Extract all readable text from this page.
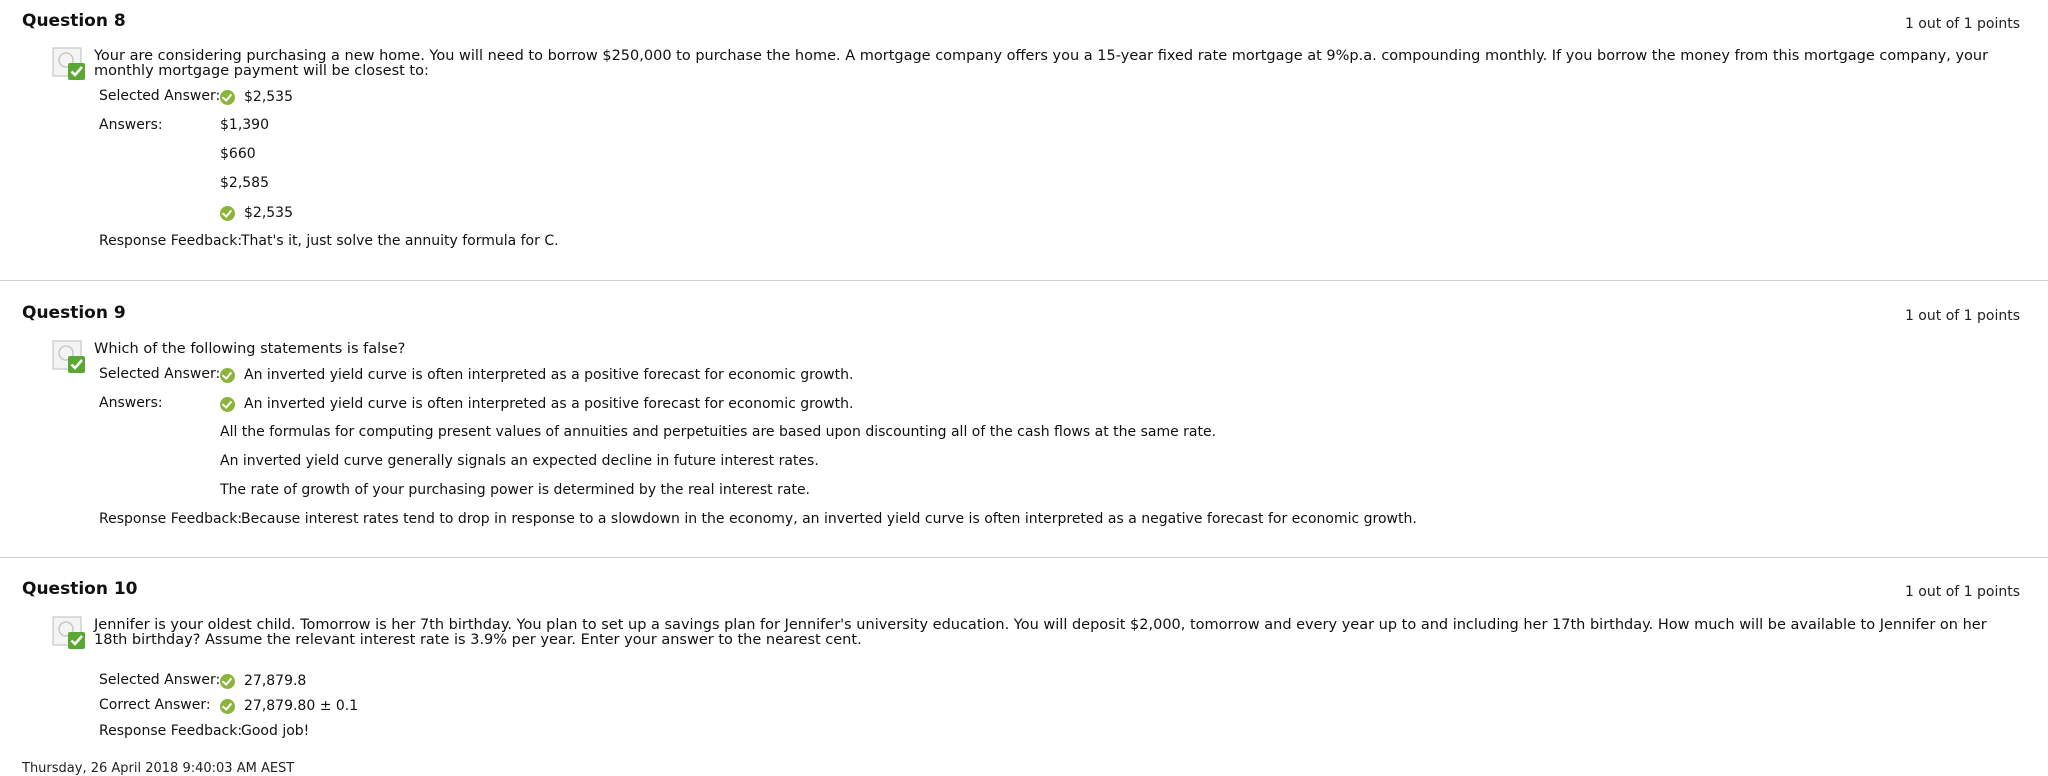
Question 8	1 out of 1 points
Your are considering purchasing a new home. You will need to borrow $250,000 to purchase the home. A mortgage company offers you a 15-year fixed rate mortgage at 9%p.a. compounding monthly. If you borrow the money from this mortgage company, your monthly mortgage payment will be closest to:
Selected Answer: $2,535
Answers:	$1,390
$660
$2,585
$2,535
Response Feedback:
That's it, just solve the annuity formula for C.
Question 9	1 out of 1 points
Which of the following statements is false?
Selected Answer: An inverted yield curve is often interpreted as a positive forecast for economic growth.
Answers:	An inverted yield curve is often interpreted as a positive forecast for economic growth.
All the formulas for computing present values of annuities and perpetuities are based upon discounting all of the cash flows at the same rate.
An inverted yield curve generally signals an expected decline in future interest rates.
The rate of growth of your purchasing power is determined by the real interest rate.
Response Feedback:
Because interest rates tend to drop in response to a slowdown in the economy, an inverted yield curve is often interpreted as a negative forecast for economic growth.
Question 10	1 out of 1 points
Jennifer is your oldest child. Tomorrow is her 7th birthday. You plan to set up a savings plan for Jennifer's university education. You will deposit $2,000, tomorrow and every year up to and including her 17th birthday. How much will be available to Jennifer on her 18th birthday? Assume the relevant interest rate is 3.9% per year. Enter your answer to the nearest cent.
Selected Answer: 27,879.8
Correct Answer: 27,879.80 ± 0.1
Response Feedback:
Good job!
Thursday, 26 April 2018 9:40:03 AM AEST
